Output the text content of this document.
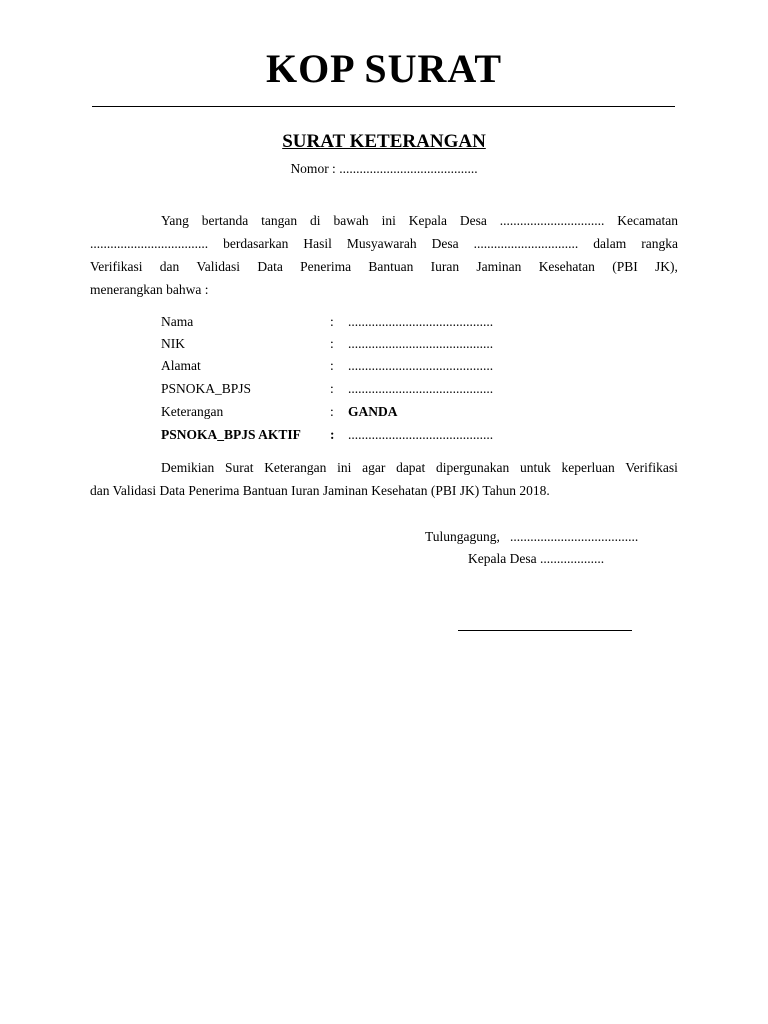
KOP SURAT
SURAT KETERANGAN
Nomor : .........................................
Yang bertanda tangan di bawah ini Kepala Desa ............................... Kecamatan
................................... berdasarkan Hasil Musyawarah Desa ............................... dalam rangka
Verifikasi dan Validasi Data Penerima Bantuan Iuran Jaminan Kesehatan (PBI JK),
menerangkan bahwa :
Nama	: ...........................................
NIK	: ...........................................
Alamat	: ...........................................
PSNOKA_BPJS	: ...........................................
Keterangan	: GANDA
PSNOKA_BPJS AKTIF : ...........................................
Demikian Surat Keterangan ini agar dapat dipergunakan untuk keperluan Verifikasi
dan Validasi Data Penerima Bantuan Iuran Jaminan Kesehatan (PBI JK) Tahun 2018.
Tulungagung,   ......................................
Kepala Desa ...................
